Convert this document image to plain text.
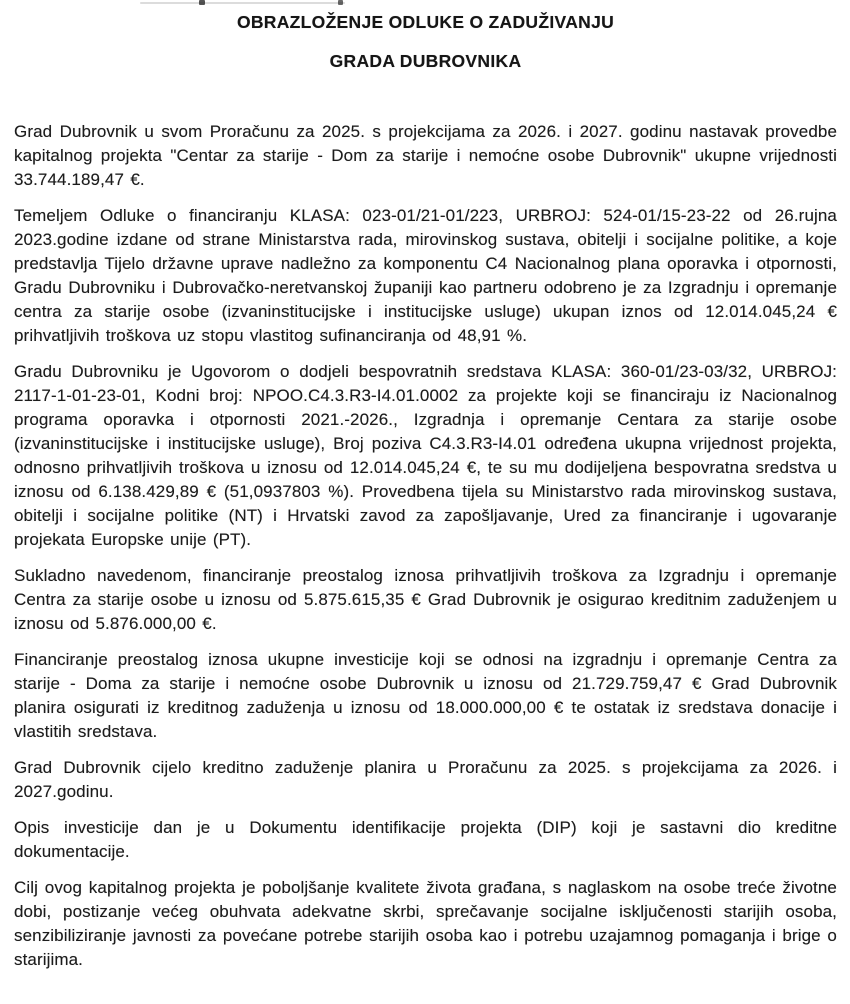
OBRAZLOŽENJE ODLUKE O ZADUŽIVANJU
GRADA DUBROVNIKA

Grad Dubrovnik u svom Proračunu za 2025. s projekcijama za 2026. i 2027. godinu nastavak provedbe kapitalnog projekta "Centar za starije - Dom za starije i nemoćne osobe Dubrovnik" ukupne vrijednosti 33.744.189,47 €.

Temeljem Odluke o financiranju KLASA: 023-01/21-01/223, URBROJ: 524-01/15-23-22 od 26.rujna 2023.godine izdane od strane Ministarstva rada, mirovinskog sustava, obitelji i socijalne politike, a koje predstavlja Tijelo državne uprave nadležno za komponentu C4 Nacionalnog plana oporavka i otpornosti, Gradu Dubrovniku i Dubrovačko-neretvanskoj županiji kao partneru odobreno je za Izgradnju i opremanje centra za starije osobe (izvaninstitucijske i institucijske usluge) ukupan iznos od 12.014.045,24 € prihvatljivih troškova uz stopu vlastitog sufinanciranja od 48,91 %.

Gradu Dubrovniku je Ugovorom o dodjeli bespovratnih sredstava KLASA: 360-01/23-03/32, URBROJ: 2117-1-01-23-01, Kodni broj: NPOO.C4.3.R3-I4.01.0002 za projekte koji se financiraju iz Nacionalnog programa oporavka i otpornosti 2021.-2026., Izgradnja i opremanje Centara za starije osobe (izvaninstitucijske i institucijske usluge), Broj poziva C4.3.R3-I4.01 određena ukupna vrijednost projekta, odnosno prihvatljivih troškova u iznosu od 12.014.045,24 €, te su mu dodijeljena bespovratna sredstva u iznosu od 6.138.429,89 € (51,0937803 %). Provedbena tijela su Ministarstvo rada mirovinskog sustava, obitelji i socijalne politike (NT) i Hrvatski zavod za zapošljavanje, Ured za financiranje i ugovaranje projekata Europske unije (PT).

Sukladno navedenom, financiranje preostalog iznosa prihvatljivih troškova za Izgradnju i opremanje Centra za starije osobe u iznosu od 5.875.615,35 € Grad Dubrovnik je osigurao kreditnim zaduženjem u iznosu od 5.876.000,00 €.

Financiranje preostalog iznosa ukupne investicije koji se odnosi na izgradnju i opremanje Centra za starije - Doma za starije i nemoćne osobe Dubrovnik u iznosu od 21.729.759,47 € Grad Dubrovnik planira osigurati iz kreditnog zaduženja u iznosu od 18.000.000,00 € te ostatak iz sredstava donacije i vlastitih sredstava.

Grad Dubrovnik cijelo kreditno zaduženje planira u Proračunu za 2025. s projekcijama za 2026. i 2027.godinu.

Opis investicije dan je u Dokumentu identifikacije projekta (DIP) koji je sastavni dio kreditne dokumentacije.

Cilj ovog kapitalnog projekta je poboljšanje kvalitete života građana, s naglaskom na osobe treće životne dobi, postizanje većeg obuhvata adekvatne skrbi, sprečavanje socijalne isključenosti starijih osoba, senzibiliziranje javnosti za povećane potrebe starijih osoba kao i potrebu uzajamnog pomaganja i brige o starijima.
